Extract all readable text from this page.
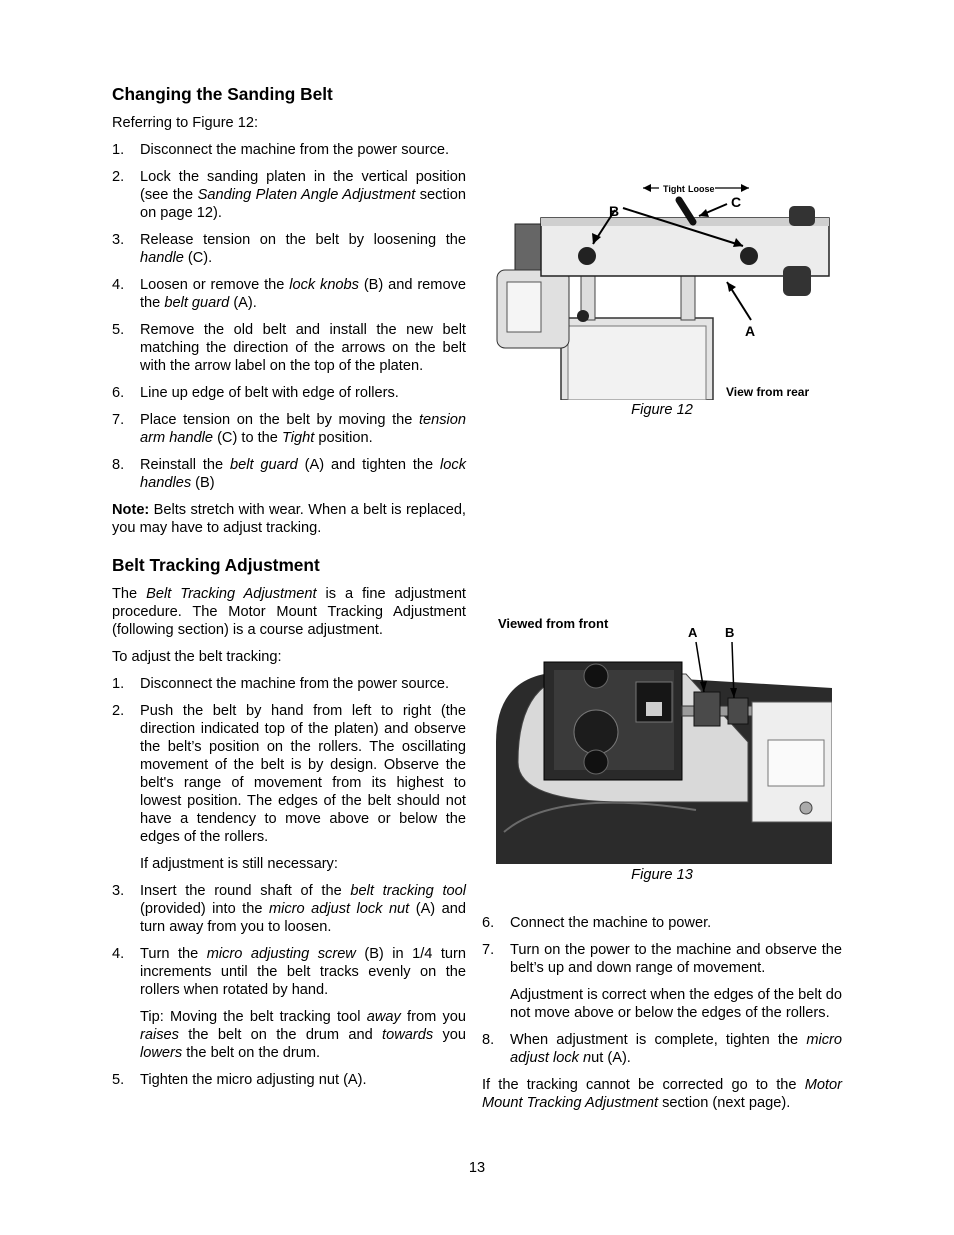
Changing the Sanding Belt

Referring to Figure 12:

1. Disconnect the machine from the power source.
2. Lock the sanding platen in the vertical position (see the Sanding Platen Angle Adjustment section on page 12).
3. Release tension on the belt by loosening the handle (C).
4. Loosen or remove the lock knobs (B) and remove the belt guard (A).
5. Remove the old belt and install the new belt matching the direction of the arrows on the belt with the arrow label on the top of the platen.
6. Line up edge of belt with edge of rollers.
7. Place tension on the belt by moving the tension arm handle (C) to the Tight position.
8. Reinstall the belt guard (A) and tighten the lock handles (B)

Note: Belts stretch with wear. When a belt is replaced, you may have to adjust tracking.

Belt Tracking Adjustment

The Belt Tracking Adjustment is a fine adjustment procedure. The Motor Mount Tracking Adjustment (following section) is a course adjustment.

To adjust the belt tracking:

1. Disconnect the machine from the power source.
2. Push the belt by hand from left to right (the direction indicated top of the platen) and observe the belt’s position on the rollers. The oscillating movement of the belt is by design. Observe the belt's range of movement from its highest to lowest position. The edges of the belt should not have a tendency to move above or below the edges of the rollers.
If adjustment is still necessary:
3. Insert the round shaft of the belt tracking tool (provided) into the micro adjust lock nut (A) and turn away from you to loosen.
4. Turn the micro adjusting screw (B) in 1/4 turn increments until the belt tracks evenly on the rollers when rotated by hand.
Tip: Moving the belt tracking tool away from you raises the belt on the drum and towards you lowers the belt on the drum.
5. Tighten the micro adjusting nut (A).
6. Connect the machine to power.
7. Turn on the power to the machine and observe the belt’s up and down range of movement.
Adjustment is correct when the edges of the belt do not move above or below the edges of the rollers.
8. When adjustment is complete, tighten the micro adjust lock nut (A).

If the tracking cannot be corrected go to the Motor Mount Tracking Adjustment section (next page).

Tight Loose
B
C
A
View from rear
Figure 12
Viewed from front
A B
Figure 13
13
